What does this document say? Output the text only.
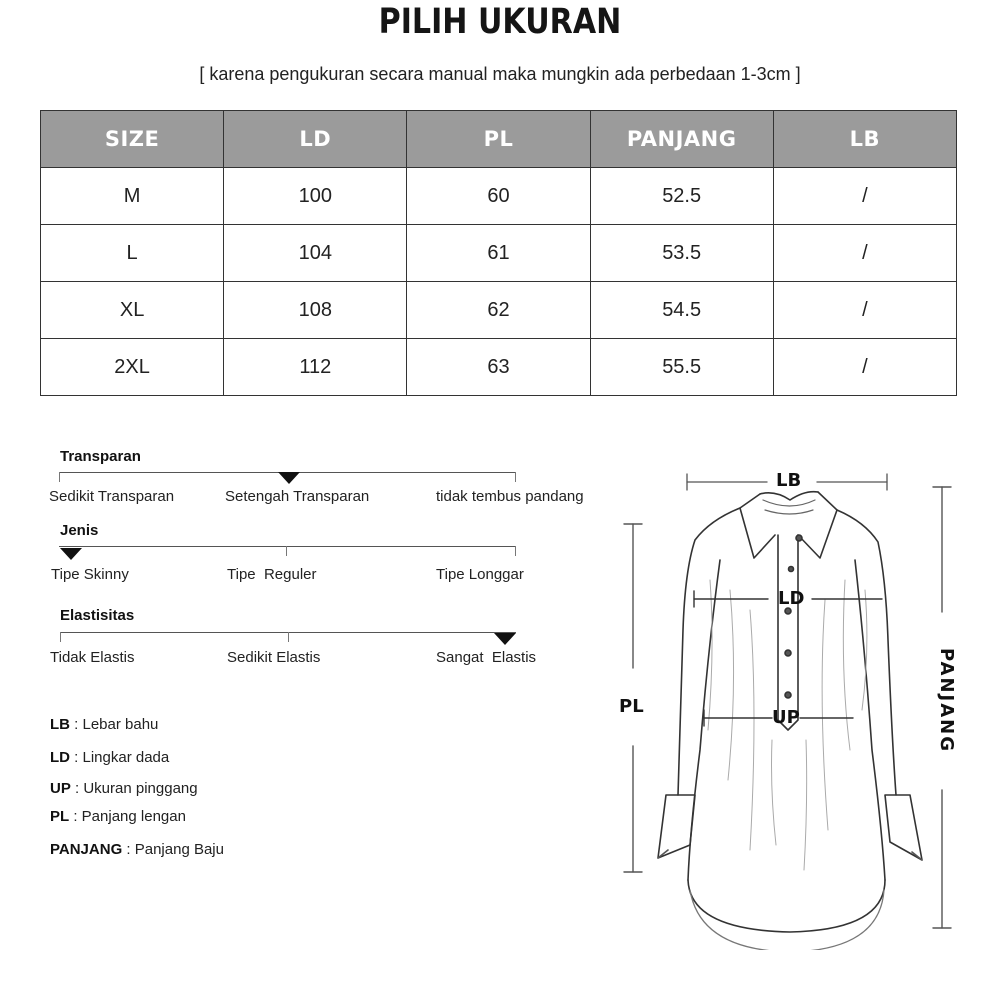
PILIH UKURAN
[ karena pengukuran secara manual maka mungkin ada perbedaan 1-3cm ]
SIZE	LD	PL	PANJANG	LB
M	100	60	52.5	/
L	104	61	53.5	/
XL	108	62	54.5	/
2XL	112	63	55.5	/
Transparan
Sedikit Transparan	Setengah Transparan	tidak tembus pandang
Jenis
Tipe Skinny	Tipe  Reguler	Tipe Longgar
Elastisitas
Tidak Elastis	Sedikit Elastis	Sangat  Elastis
LB : Lebar bahu
LD : Lingkar dada
UP : Ukuran pinggang
PL : Panjang lengan
PANJANG : Panjang Baju
LB
LD
UP
PL	PANJANG
